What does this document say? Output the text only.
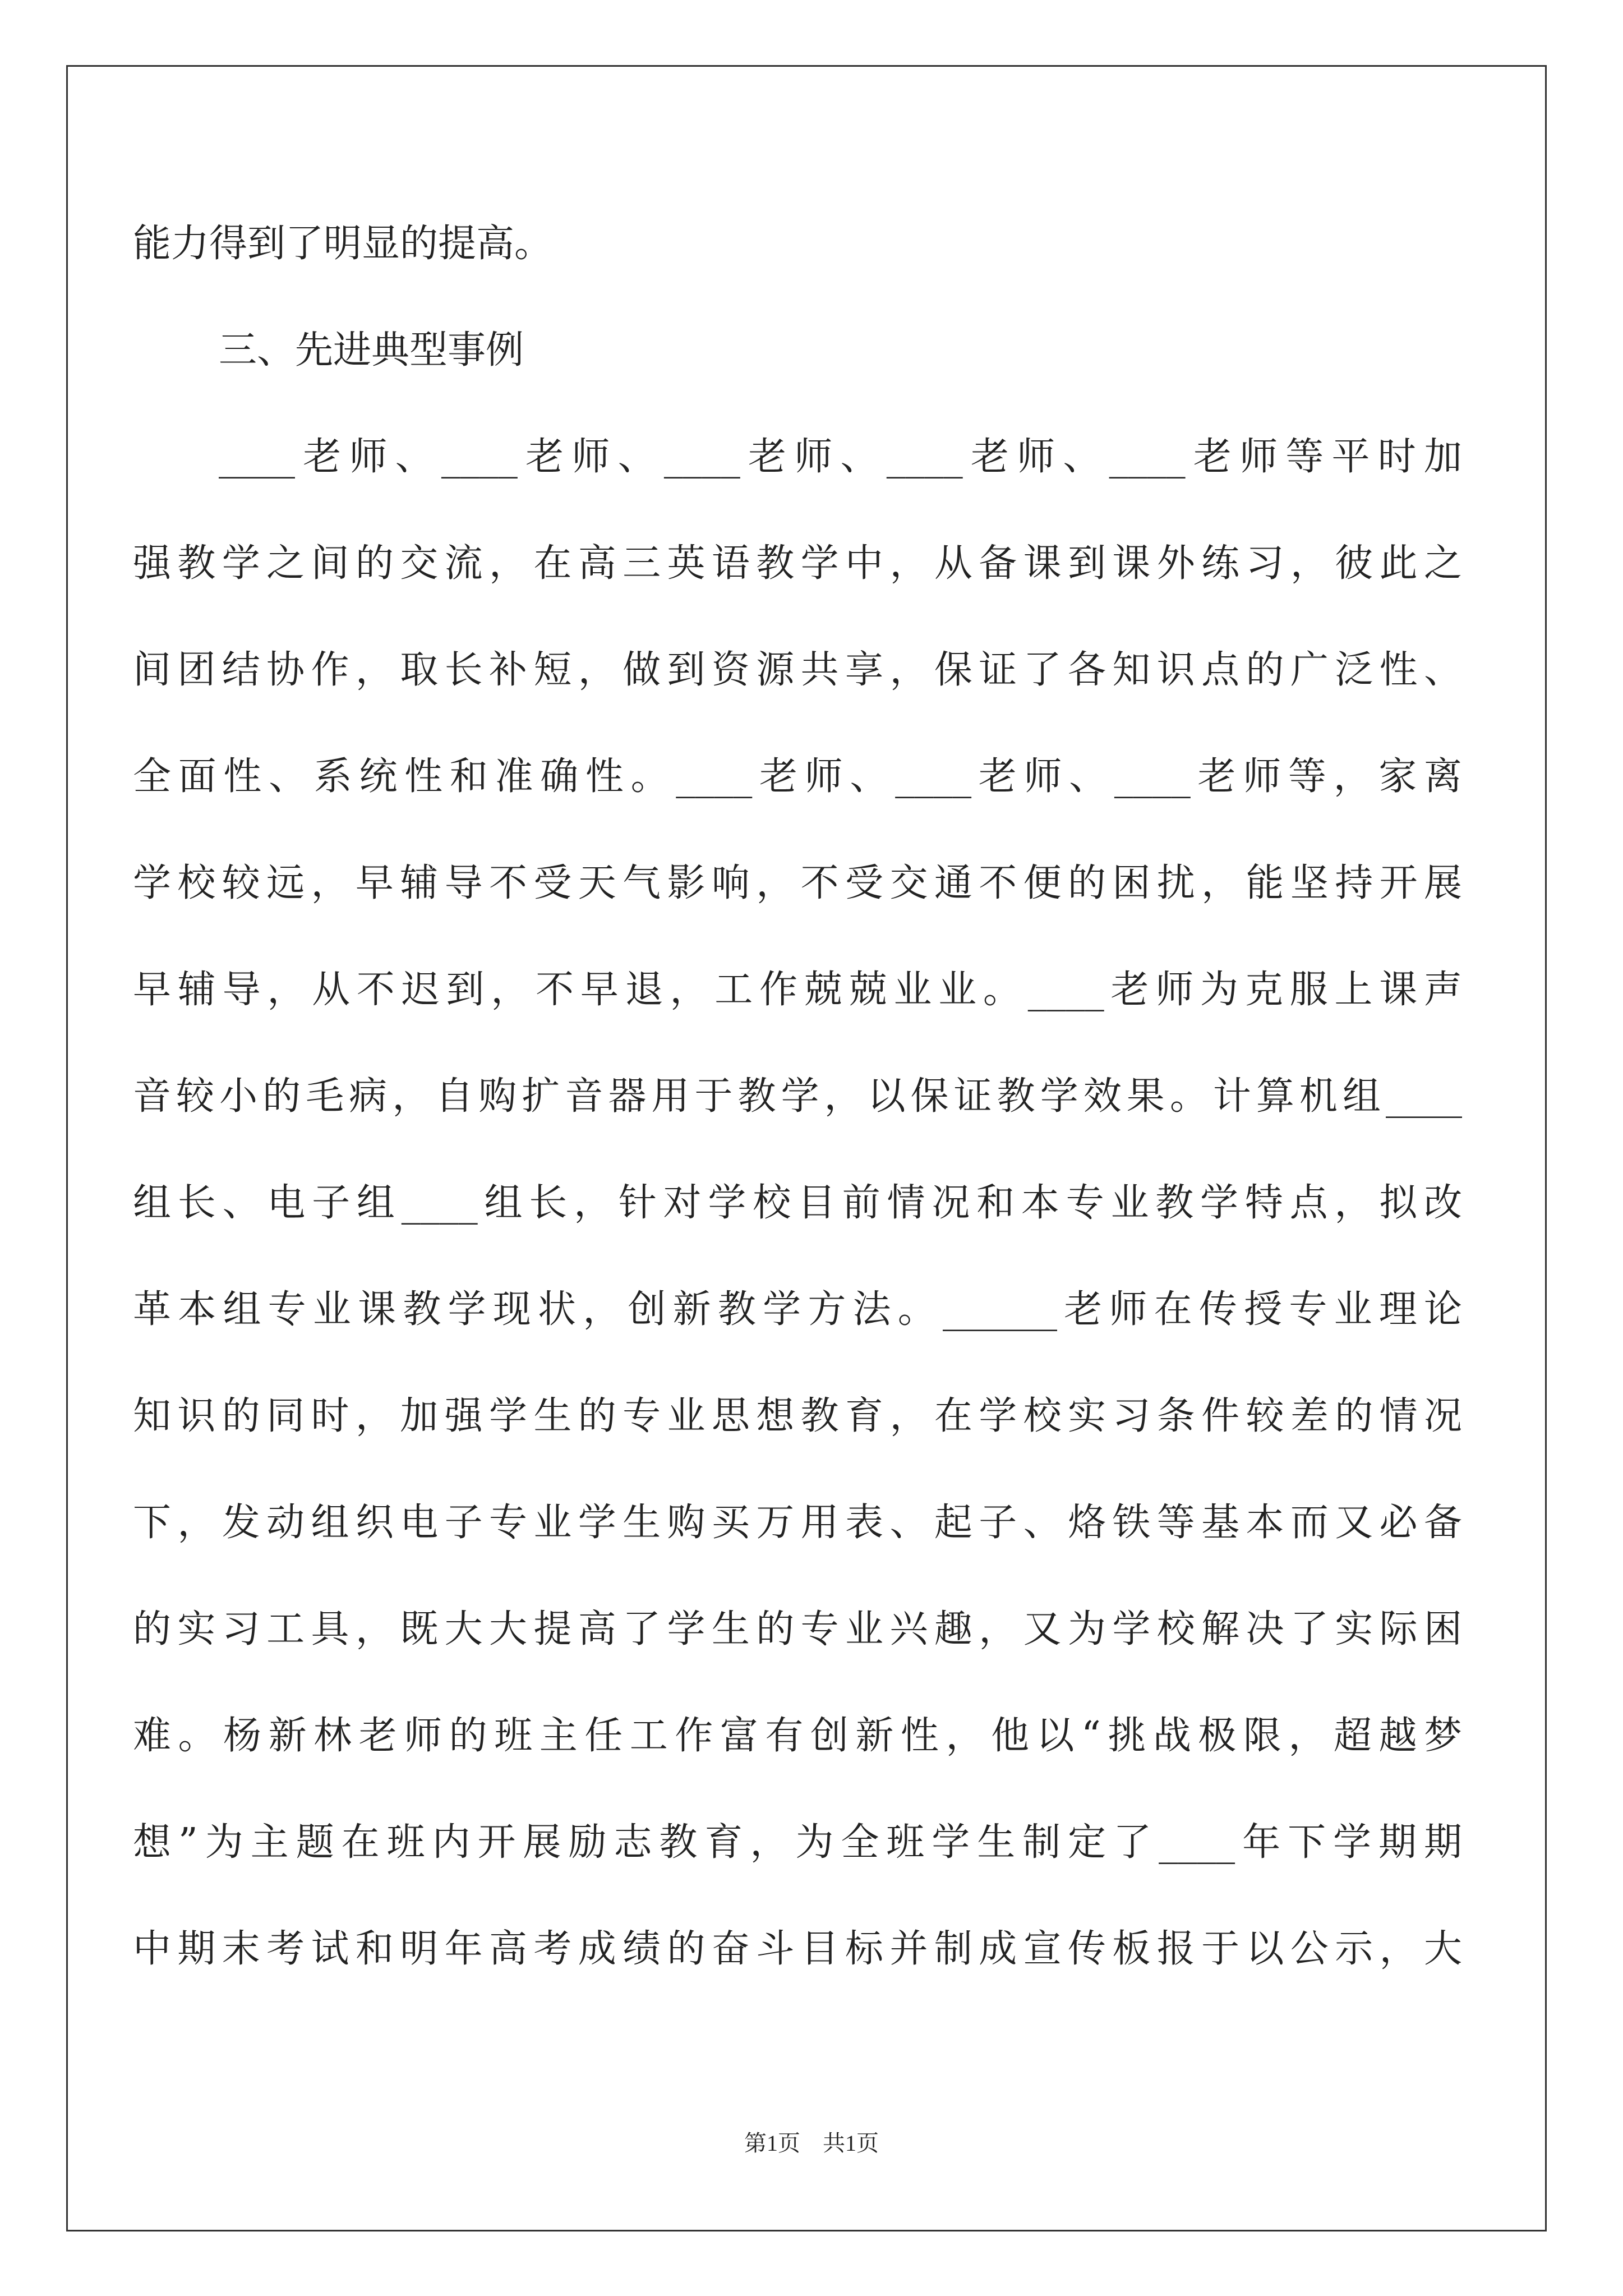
能力得到了明显的提高。
三、先进典型事例
____老师、____老师、____老师、____老师、____老师等平时加
强教学之间的交流，在高三英语教学中，从备课到课外练习，彼此之
间团结协作，取长补短，做到资源共享，保证了各知识点的广泛性、
全面性、系统性和准确性。____老师、____老师、____老师等，家离
学校较远，早辅导不受天气影响，不受交通不便的困扰，能坚持开展
早辅导，从不迟到，不早退，工作兢兢业业。____老师为克服上课声
音较小的毛病，自购扩音器用于教学，以保证教学效果。计算机组____
组长、电子组____组长，针对学校目前情况和本专业教学特点，拟改
革本组专业课教学现状，创新教学方法。______老师在传授专业理论
知识的同时，加强学生的专业思想教育，在学校实习条件较差的情况
下，发动组织电子专业学生购买万用表、起子、烙铁等基本而又必备
的实习工具，既大大提高了学生的专业兴趣，又为学校解决了实际困
难。杨新林老师的班主任工作富有创新性，他以“挑战极限，超越梦
想”为主题在班内开展励志教育，为全班学生制定了____年下学期期
中期末考试和明年高考成绩的奋斗目标并制成宣传板报于以公示，大
第1页　共1页
